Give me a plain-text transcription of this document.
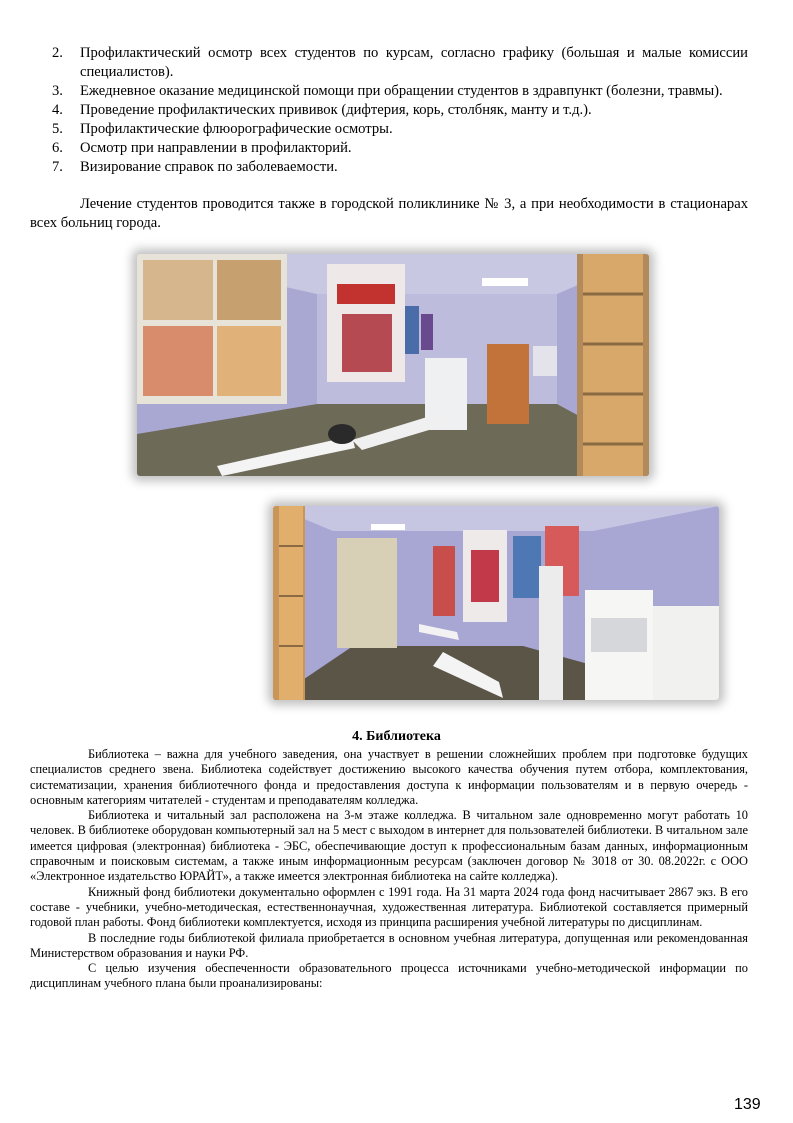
2. Профилактический осмотр всех студентов по курсам, согласно графику (большая и малые комиссии специалистов).
3. Ежедневное оказание медицинской помощи при обращении студентов в здравпункт (болезни, травмы).
4. Проведение профилактических прививок (дифтерия, корь, столбняк, манту и т.д.).
5. Профилактические флюорографические осмотры.
6. Осмотр при направлении в профилакторий.
7. Визирование справок по заболеваемости.

Лечение студентов проводится также в городской поликлинике № 3, а при необходимости в стационарах всех больниц города.

4. Библиотека

Библиотека – важна для учебного заведения, она участвует в решении сложнейших проблем при подготовке будущих специалистов среднего звена. Библиотека содействует достижению высокого качества обучения путем отбора, комплектования, систематизации, хранения библиотечного фонда и предоставления доступа к информации пользователям и в первую очередь - основным категориям читателей - студентам и преподавателям колледжа.

Библиотека и читальный зал расположена на 3-м этаже колледжа. В читальном зале одновременно могут работать 10 человек. В библиотеке оборудован компьютерный зал на 5 мест с выходом в интернет для пользователей библиотеки. В читальном зале имеется цифровая (электронная) библиотека - ЭБС, обеспечивающие доступ к профессиональным базам данных, информационным справочным и поисковым системам, а также иным информационным ресурсам (заключен договор № 3018 от 30. 08.2022г. с ООО «Электронное издательство ЮРАЙТ», а также имеется электронная библиотека на сайте колледжа).

Книжный фонд библиотеки документально оформлен с 1991 года. На 31 марта 2024 года фонд насчитывает 2867 экз. В его составе - учебники, учебно-методическая, естественнонаучная, художественная литература. Библиотекой составляется примерный годовой план работы. Фонд библиотеки комплектуется, исходя из принципа расширения учебной литературы по дисциплинам.

В последние годы библиотекой филиала приобретается в основном учебная литература, допущенная или рекомендованная Министерством образования и науки РФ.

С целью изучения обеспеченности образовательного процесса источниками учебно-методической информации по дисциплинам учебного плана были проанализированы:

139
